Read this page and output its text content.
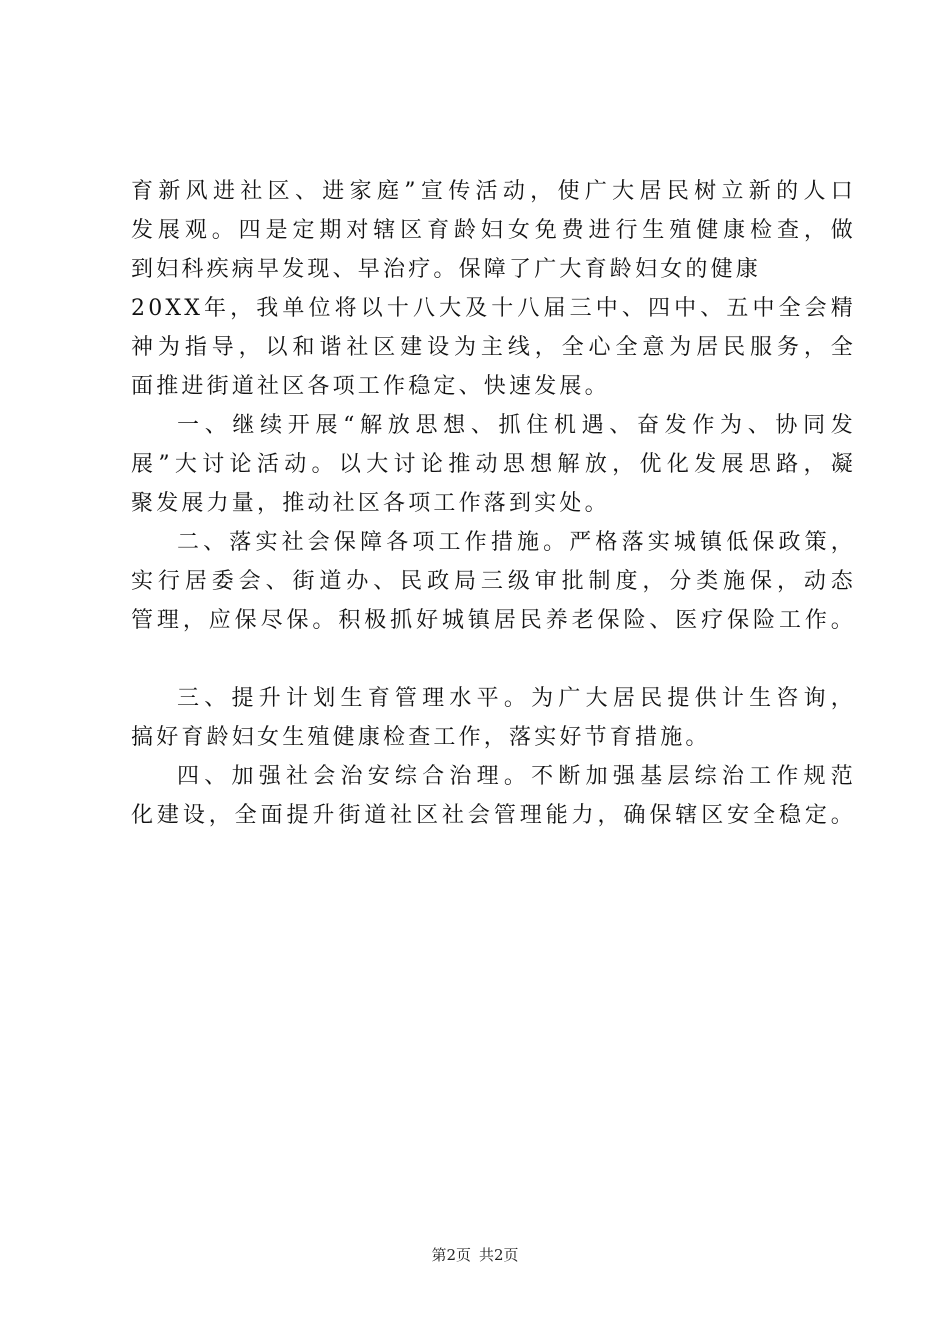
育新风进社区、进家庭”宣传活动，使广大居民树立新的人口
发展观。四是定期对辖区育龄妇女免费进行生殖健康检查，做
到妇科疾病早发现、早治疗。保障了广大育龄妇女的健康
20XX年，我单位将以十八大及十八届三中、四中、五中全会精
神为指导，以和谐社区建设为主线，全心全意为居民服务，全
面推进街道社区各项工作稳定、快速发展。
一、继续开展“解放思想、抓住机遇、奋发作为、协同发
展”大讨论活动。以大讨论推动思想解放，优化发展思路，凝
聚发展力量，推动社区各项工作落到实处。
二、落实社会保障各项工作措施。严格落实城镇低保政策，
实行居委会、街道办、民政局三级审批制度，分类施保，动态
管理，应保尽保。积极抓好城镇居民养老保险、医疗保险工作。
三、提升计划生育管理水平。为广大居民提供计生咨询，
搞好育龄妇女生殖健康检查工作，落实好节育措施。
四、加强社会治安综合治理。不断加强基层综治工作规范
化建设，全面提升街道社区社会管理能力，确保辖区安全稳定。
第2页 共2页
